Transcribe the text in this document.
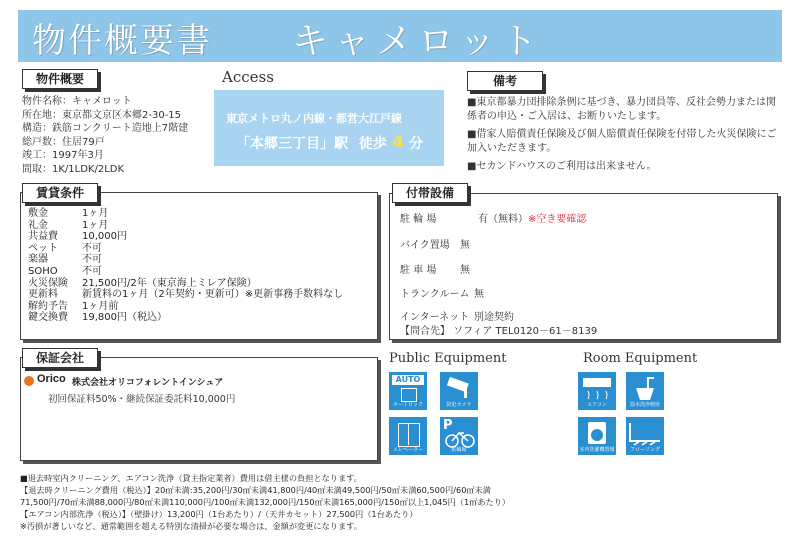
物件概要書 キャメロット
物件概要
物件名称：キャメロット
所在地：東京都文京区本郷2-30-15
構造：鉄筋コンクリート造地上7階建
総戸数：住居79戸
竣工：1997年3月
間取：1K/1LDK/2LDK
Access
東京メトロ丸ノ内線・都営大江戸線
「本郷三丁目」駅 徒歩 4 分
備考
■東京都暴力団排除条例に基づき、暴力団員等、反社会勢力または関係者の申込・ご入居は、お断りいたします。
■借家人賠償責任保険及び個人賠償責任保険を付帯した火災保険にご加入いただきます。
■セカンドハウスのご利用は出来ません。
賃貸条件
敷金	1ヶ月
礼金	1ヶ月
共益費 10,000円
ペット 不可
楽器	不可
SOHO 不可
火災保険 21,500円/2年（東京海上ミレア保険）
更新料 新賃料の1ヶ月（2年契約・更新可）※更新事務手数料なし
解約予告 1ヶ月前
鍵交換費 19,800円（税込）
付帯設備
駐 輪 場	有（無料）※空き要確認
バイク置場 無
駐 車 場 無
トランクルーム 無
インターネット 別途契約
【問合先】 ソフィア TEL0120－61－8139
保証会社
Orico 株式会社オリコフォレントインシュア
初回保証料50%・継続保証委託料10,000円
Public Equipment
AUTO
オートロック	防犯カメラ
エレベーター
P
駐輪場
Room Equipment
エアコン	温水洗浄便座
室内洗濯機置場	フローリング
■退去時室内クリーニング、エアコン洗浄（貸主指定業者）費用は借主様の負担となります。
【退去時クリーニング費用（税込）】20㎡未満:35,200円/30㎡未満41,800円/40㎡未満49,500円/50㎡未満60,500円/60㎡未満
71,500円/70㎡未満88,000円/80㎡未満110,000円/100㎡未満132,000円/150㎡未満165,000円/150㎡以上1,045円（1㎡あたり）
【エアコン内部洗浄（税込）】（壁掛け）13,200円（1台あたり）/（天井カセット）27,500円（1台あたり）
※汚損が著しいなど、通常範囲を超える特別な清掃が必要な場合は、金額が変更になります。
